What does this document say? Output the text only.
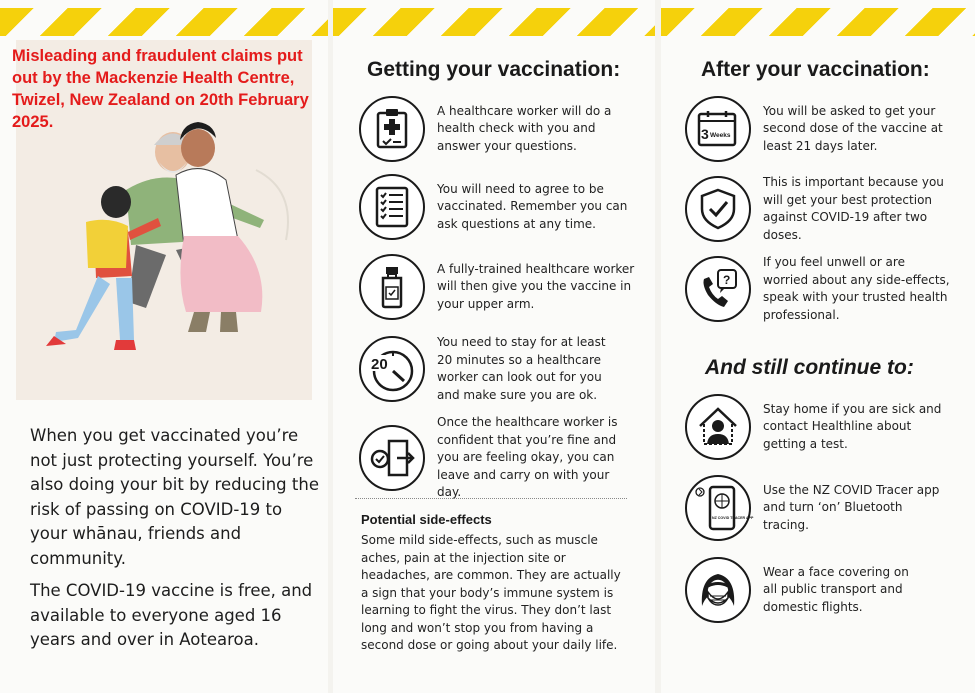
Misleading and fraudulent claims put out by the Mackenzie Health Centre, Twizel, New Zealand on 20th February 2025.

When you get vaccinated you’re not just protecting yourself. You’re also doing your bit by reducing the risk of passing on COVID-19 to your whānau, friends and community.

The COVID-19 vaccine is free, and available to everyone aged 16 years and over in Aotearoa.

Getting your vaccination:
A healthcare worker will do a health check with you and answer your questions.
You will need to agree to be vaccinated. Remember you can ask questions at any time.
A fully-trained healthcare worker will then give you the vaccine in your upper arm.
20
You need to stay for at least 20 minutes so a healthcare worker can look out for you and make sure you are ok.
Once the healthcare worker is confident that you’re fine and you are feeling okay, you can leave and carry on with your day.
Potential side-effects
Some mild side-effects, such as muscle aches, pain at the injection site or headaches, are common. They are actually a sign that your body’s immune system is learning to fight the virus. They don’t last long and won’t stop you from having a second dose or going about your daily life.
After your vaccination:
3 Weeks
You will be asked to get your second dose of the vaccine at least 21 days later.
This is important because you will get your best protection against COVID-19 after two doses.
?
If you feel unwell or are worried about any side-effects, speak with your trusted health professional.
And still continue to:
Stay home if you are sick and contact Healthline about getting a test.
NZ COVID TRACER APP
Use the NZ COVID Tracer app and turn ‘on’ Bluetooth tracing.
Wear a face covering on all public transport and domestic flights.
